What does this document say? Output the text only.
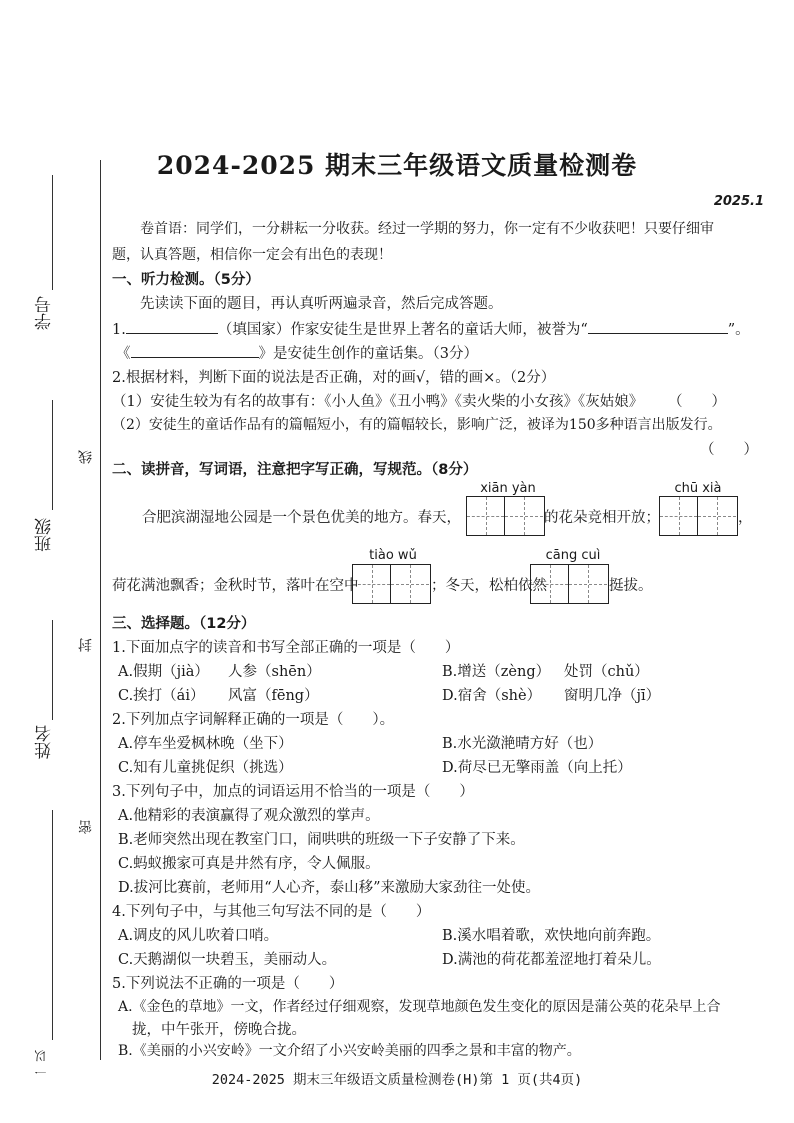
学号
班级
姓名
一 以
线
封
密
2024-2025 期末三年级语文质量检测卷
2025.1
卷首语：同学们，一分耕耘一分收获。经过一学期的努力，你一定有不少收获吧！只要仔细审
题，认真答题，相信你一定会有出色的表现！
一、听力检测。（5分）
先读读下面的题目，再认真听两遍录音，然后完成答题。
1.	（填国家）作家安徒生是世界上著名的童话大师，被誉为“	”。
《	》是安徒生创作的童话集。（3分）
2.根据材料，判断下面的说法是否正确，对的画√，错的画×。（2分）
（1）安徒生较为有名的故事有：《小人鱼》《丑小鸭》《卖火柴的小女孩》《灰姑娘》 （　　）
（2）安徒生的童话作品有的篇幅短小，有的篇幅较长，影响广泛，被译为150多种语言出版发行。
（　　）
二、读拼音，写词语，注意把字写正确，写规范。（8分）
xiān yàn	chū xià
合肥滨湖湿地公园是一个景色优美的地方。春天，	的花朵竞相开放；	，
tiào wǔ	cāng cuì
荷花满池飘香；金秋时节，落叶在空中	；冬天，松柏依然	挺拔。
三、选择题。（12分）
1.下面加点字的读音和书写全部正确的一项是（　　）
A.假期（jià） 人参（shēn）	B.增送（zèng） 处罚（chǔ）
C.挨打（ái） 风富（fēng）	D.宿舍（shè） 窗明几净（jī）
2.下列加点字词解释正确的一项是（　　）。
A.停车坐爱枫林晚（坐下）	B.水光潋滟晴方好（也）
C.知有儿童挑促织（挑选）	D.荷尽已无擎雨盖（向上托）
3.下列句子中，加点的词语运用不恰当的一项是（　　）
A.他精彩的表演赢得了观众激烈的掌声。
B.老师突然出现在教室门口，闹哄哄的班级一下子安静了下来。
C.蚂蚁搬家可真是井然有序，令人佩服。
D.拔河比赛前，老师用“人心齐，泰山移”来激励大家劲往一处使。
4.下列句子中，与其他三句写法不同的是（　　）
A.调皮的风儿吹着口哨。	B.溪水唱着歌，欢快地向前奔跑。
C.天鹅湖似一块碧玉，美丽动人。	D.满池的荷花都羞涩地打着朵儿。
5.下列说法不正确的一项是（　　）
A.《金色的草地》一文，作者经过仔细观察，发现草地颜色发生变化的原因是蒲公英的花朵早上合
拢，中午张开，傍晚合拢。
B.《美丽的小兴安岭》一文介绍了小兴安岭美丽的四季之景和丰富的物产。
2024-2025 期末三年级语文质量检测卷(H)第 1 页(共4页)
